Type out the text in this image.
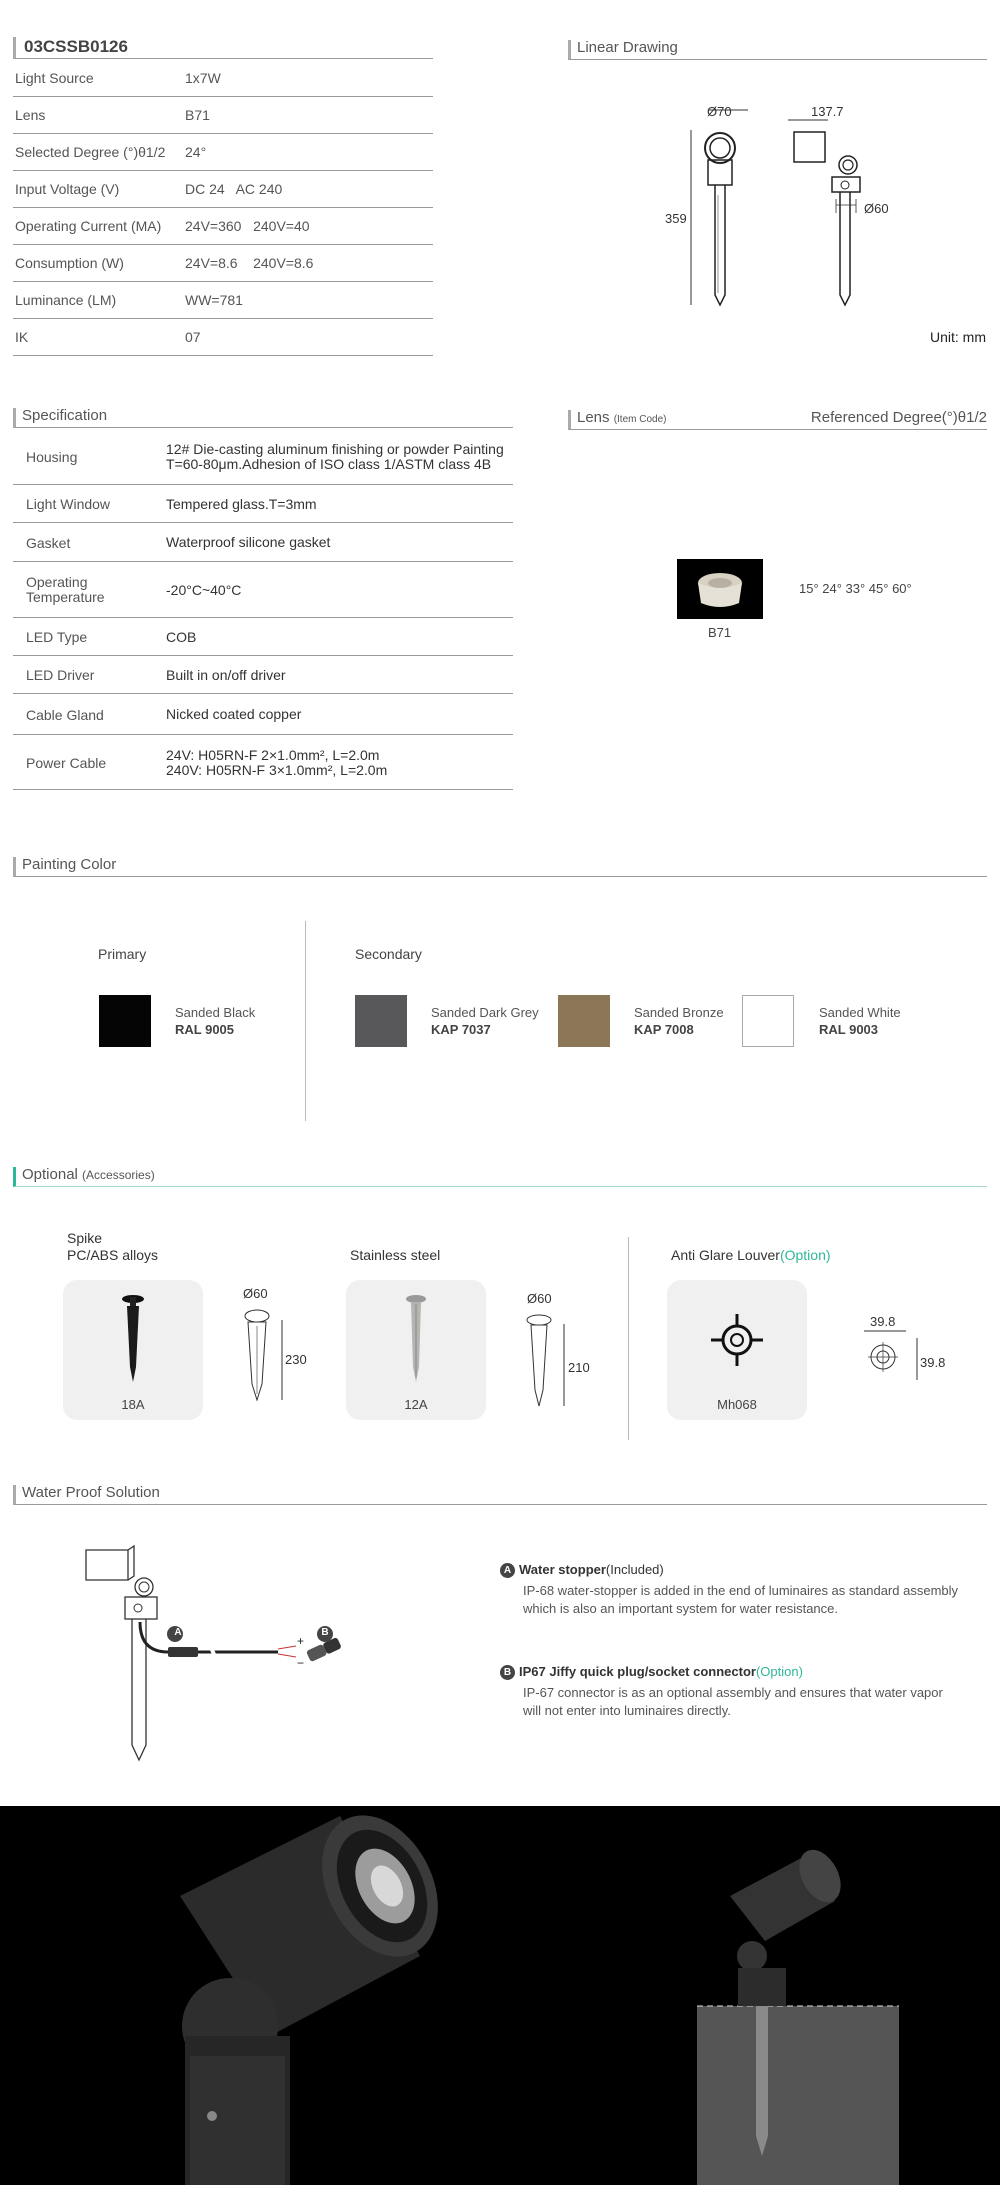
03CSSB0126
Light Source	1x7W
Lens	B71
Selected Degree (°)θ1/2 24°
Input Voltage (V)	DC 24   AC 240
Operating Current (MA) 24V=360   240V=40
Consumption (W)	24V=8.6    240V=8.6
Luminance (LM)	WW=781
IK	07
Linear Drawing
Ø70	137.7
359
Ø60
Unit: mm
Specification
Housing	12# Die-casting aluminum finishing or powder Painting
T=60-80μm.Adhesion of ISO class 1/ASTM class 4B
Light Window	Tempered glass.T=3mm
Gasket	Waterproof silicone gasket
Operating
Temperature	-20°C~40°C
LED Type	COB
LED Driver	Built in on/off driver
Cable Gland	Nicked coated copper
Power Cable	24V: H05RN-F 2×1.0mm², L=2.0m
240V: H05RN-F 3×1.0mm², L=2.0m
Lens (Item Code)	Referenced Degree(°)θ1/2
B71
15° 24° 33° 45° 60°
Painting Color
Primary	Secondary
Sanded Black
RAL 9005
Sanded Dark Grey
KAP 7037
Sanded Bronze
KAP 7008
Sanded White
RAL 9003
Optional (Accessories)
Spike
PC/ABS alloys
18A
Ø60
230
Stainless steel
12A
Ø60
210
Anti Glare Louver(Option)
Mh068
39.8
39.8
Water Proof Solution
A	B
+
−
A Water stopper(Included)
IP-68 water-stopper is added in the end of luminaires as standard assembly
which is also an important system for water resistance.
B IP67 Jiffy quick plug/socket connector(Option)
IP-67 connector is as an optional assembly and ensures that water vapor
will not enter into luminaires directly.
